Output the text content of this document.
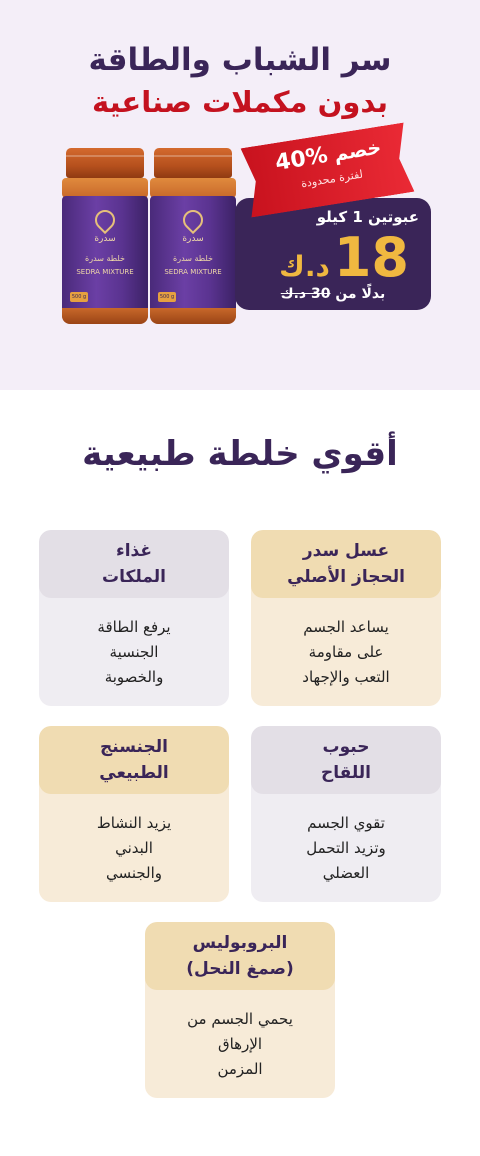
سر الشباب والطاقة
بدون مكملات صناعية
سدرة
خلطة سدرة
SEDRA MIXTURE
500 g
سدرة
خلطة سدرة
SEDRA MIXTURE
500 g
عبوتين 1 كيلو
18د.ك
بدلًا من 30 د.ك
خصم 40%
لفترة محدودة
أقوي خلطة طبيعية
عسل سدر
الحجاز الأصلي
يساعد الجسم
على مقاومة
التعب والإجهاد
غذاء
الملكات
يرفع الطاقة
الجنسية
والخصوبة
حبوب
اللقاح
تقوي الجسم
وتزيد التحمل
العضلي
الجنسنج
الطبيعي
يزيد النشاط
البدني
والجنسي
البروبوليس
(صمغ النحل)
يحمي الجسم من
الإرهاق
المزمن
